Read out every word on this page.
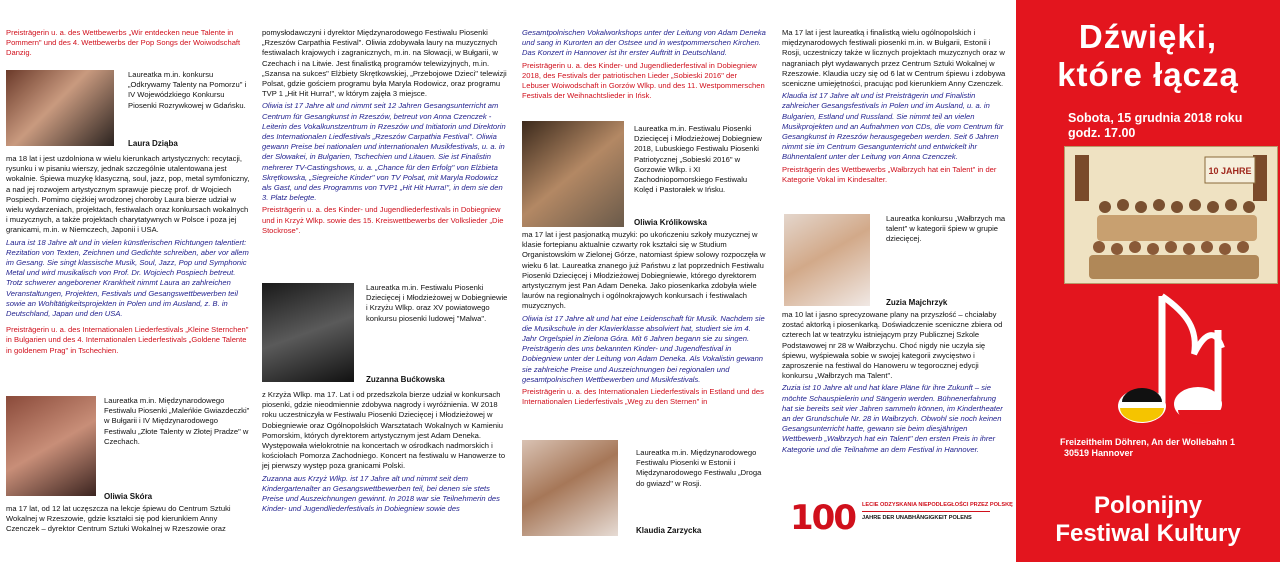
Preisträgerin u. a. des Wettbewerbs „Wir entdecken neue Talente in Pommern" und des 4. Wettbewerbs der Pop Songs der Woiwodschaft Danzig.

Laureatka m.in. konkursu „Odkrywamy Talenty na Pomorzu" i IV Wojewódzkiego Konkursu Piosenki Rozrywkowej w Gdańsku.
Laura Dziąba

ma 18 lat i jest uzdolniona w wielu kierunkach artystycznych: recytacji, rysunku i w pisaniu wierszy, jednak szczególnie utalentowana jest wokalnie. Śpiewa muzykę klasyczną, soul, jazz, pop, metal symfoniczny, a nad jej rozwojem artystycznym sprawuje pieczę prof. dr Wojciech Pospiech. Pomimo ciężkiej wrodzonej choroby Laura bierze udział w wielu wydarzeniach, projektach, festiwalach oraz konkursach wokalnych i muzycznych, a także projektach charytatywnych w Polsce i poza jej granicami, m.in. w Niemczech, Japonii i USA.

Laura ist 18 Jahre alt und in vielen künstlerischen Richtungen talentiert: Rezitation von Texten, Zeichnen und Gedichte schreiben, aber vor allem im Gesang. Sie singt klassische Musik, Soul, Jazz, Pop und Symphonic Metal und wird musikalisch von Prof. Dr. Wojciech Pospiech betreut. Trotz schwerer angeborener Krankheit nimmt Laura an zahlreichen Veranstaltungen, Projekten, Festivals und Gesangswettbewerben teil sowie an Wohltätigkeitsprojekten in Polen und im Ausland, z. B. in Deutschland, Japan und den USA.

Preisträgerin u. a. des Internationalen Liederfestivals „Kleine Sternchen" in Bulgarien und des 4. Internationalen Liederfestivals „Goldene Talente in goldenem Prag" in Tschechien.

Laureatka m.in. Międzynarodowego Festiwalu Piosenki „Maleńkie Gwiazdeczki" w Bułgarii i IV Międzynarodowego Festiwalu „Złote Talenty w Złotej Pradze" w Czechach.
Oliwia Skóra
ma 17 lat, od 12 lat uczęszcza na lekcje śpiewu do Centrum Sztuki Wokalnej w Rzeszowie, gdzie kształci się pod kierunkiem Anny Czenczek – dyrektor Centrum Sztuki Wokalnej w Rzeszowie oraz

pomysłodawczyni i dyrektor Międzynarodowego Festiwalu Piosenki „Rzeszów Carpathia Festival". Oliwia zdobywała laury na muzycznych festiwalach krajowych i zagranicznych, m.in. na Słowacji, w Bułgarii, w Czechach i na Litwie. Jest finalistką programów telewizyjnych, m.in. „Szansa na sukces" Elżbiety Skrętkowskiej, „Przebojowe Dzieci" telewizji Polsat, gdzie gościem programu była Maryla Rodowicz, oraz programu TVP 1 „Hit Hit Hurra!", w którym zajęła 3 miejsce.

Oliwia ist 17 Jahre alt und nimmt seit 12 Jahren Gesangsunterricht am Centrum für Gesangkunst in Rzeszów, betreut von Anna Czenczek - Leiterin des Vokalkunstzentrum in Rzeszów und Initiatorin und Direktorin des Internationalen Liedfestivals „Rzeszów Carpathia Festival". Oliwia gewann Preise bei nationalen und internationalen Musikfestivals, u. a. in der Slowakei, in Bulgarien, Tschechien und Litauen. Sie ist Finalistin mehrerer TV-Castingshows, u. a. „Chance für den Erfolg" von Elżbieta Skrętkowska, „Siegreiche Kinder" von TV Polsat, mit Maryla Rodowicz als Gast, und des Programms von TVP1 „Hit Hit Hurra!", in dem sie den 3. Platz belegte.

Preisträgerin u. a. des Kinder- und Jugendliederfestivals in Dobiegniew und in Krzyż Wlkp. sowie des 15. Kreiswettbewerbs der Volkslieder „Die Stockrose".

Laureatka m.in. Festiwalu Piosenki Dziecięcej i Młodzieżowej w Dobiegniewie i Krzyżu Wlkp. oraz XV powiatowego konkursu piosenki ludowej "Malwa".
Zuzanna Bućkowska

z Krzyża Wlkp. ma 17. Lat i od przedszkola bierze udział w konkursach piosenki, gdzie nieodmiennie zdobywa nagrody i wyróżnienia. W 2018 roku uczestniczyła w Festiwalu Piosenki Dziecięcej i Młodzieżowej w Dobiegniewie oraz Ogólnopolskich Warsztatach Wokalnych w Kamieniu Pomorskim, których dyrektorem artystycznym jest Adam Deneka. Występowała wielokrotnie na koncertach w ośrodkach nadmorskich i kościołach Pomorza Zachodniego. Koncert na festiwalu w Hanowerze to jej pierwszy występ poza granicami Polski.

Zuzanna aus Krzyż Wlkp. ist 17 Jahre alt und nimmt seit dem Kindergartenalter an Gesangswettbewerben teil, bei denen sie stets Preise und Auszeichnungen gewinnt. In 2018 war sie Teilnehmerin des Kinder- und Jugendliederfestivals in Dobiegniew sowie des

Gesamtpolnischen Vokalworkshops unter der Leitung von Adam Deneka und sang in Kurorten an der Ostsee und in westpommerschen Kirchen. Das Konzert in Hannover ist ihr erster Auftritt in Deutschland.

Preisträgerin u. a. des Kinder- und Jugendliederfestival in Dobiegniew 2018, des Festivals der patriotischen Lieder „Sobieski 2016" der Lebuser Woiwodschaft in Gorzów Wlkp. und des 11. Westpommerschen Festivals der Weihnachtslieder in Ińsk.

Laureatka m.in. Festiwalu Piosenki Dziecięcej i Młodzieżowej Dobiegniew 2018, Lubuskiego Festiwalu Piosenki Patriotycznej „Sobieski 2016" w Gorzowie Wlkp. i XI Zachodniopomorskiego Festiwalu Kolęd i Pastorałek w Ińsku.
Oliwia Królikowska

ma 17 lat i jest pasjonatką muzyki: po ukończeniu szkoły muzycznej w klasie fortepianu aktualnie czwarty rok kształci się w Studium Organistowskim w Zielonej Górze, natomiast śpiew solowy rozpoczęła w wieku 6 lat. Laureatka znanego już Państwu z lat poprzednich Festiwalu Piosenki Dziecięcej i Młodzieżowej Dobiegniewie, którego dyrektorem artystycznym jest Pan Adam Deneka. Jako piosenkarka zdobyła wiele laurów na regionalnych i ogólnokrajowych konkursach i festiwalach muzycznych.

Oliwia ist 17 Jahre alt und hat eine Leidenschaft für Musik. Nachdem sie die Musikschule in der Klavierklasse absolviert hat, studiert sie im 4. Jahr Orgelspiel in Zielona Góra. Mit 6 Jahren begann sie zu singen. Preisträgerin des uns bekannten Kinder- und Jugendfestival in Dobiegniew unter der Leitung von Adam Deneka. Als Vokalistin gewann sie zahlreiche Preise und Auszeichnungen bei regionalen und gesamtpolnischen Wettbewerben und Musikfestivals.

Preisträgerin u. a. des Internationalen Liederfestivals in Estland und des Internationalen Liederfestivals „Weg zu den Sternen" in

Laureatka m.in. Międzynarodowego Festiwalu Piosenki w Estonii i Międzynarodowego Festiwalu „Droga do gwiazd" w Rosji.
Klaudia Zarzycka

Ma 17 lat i jest laureatką i finalistką wielu ogólnopolskich i międzynarodowych festiwali piosenki m.in. w Bułgarii, Estonii i Rosji, uczestniczy także w licznych projektach muzycznych oraz w nagraniach płyt wydawanych przez Centrum Sztuki Wokalnej w Rzeszowie. Klaudia uczy się od 6 lat w Centrum śpiewu i zdobywa sceniczne umiejętności, pracując pod kierunkiem Anny Czenczek.

Klaudia ist 17 Jahre alt und ist Preisträgerin und Finalistin zahlreicher Gesangsfestivals in Polen und im Ausland, u. a. in Bulgarien, Estland und Russland. Sie nimmt teil an vielen Musikprojekten und an Aufnahmen von CDs, die vom Centrum für Gesangkunst in Rzeszów herausgegeben werden. Seit 6 Jahren nimmt sie im Centrum Gesangunterricht und entwickelt ihr Bühnentalent unter der Leitung von Anna Czenczek.

Preisträgerin des Wettbewerbs „Wałbrzych hat ein Talent" in der Kategorie Vokal im Kindesalter.

Laureatka konkursu „Wałbrzych ma talent" w kategorii śpiew w grupie dziecięcej.
Zuzia Majchrzyk

ma 10 lat i jasno sprecyzowane plany na przyszłość – chciałaby zostać aktorką i piosenkarką. Doświadczenie sceniczne zbiera od czterech lat w teatrzyku istniejącym przy Publicznej Szkole Podstawowej nr 28 w Wałbrzychu. Choć nigdy nie uczyła się śpiewu, wyśpiewała sobie w swojej kategorii zwycięstwo i zaproszenie na festiwal do Hanoweru w tegorocznej edycji konkursu „Wałbrzych ma Talent".

Zuzia ist 10 Jahre alt und hat klare Pläne für ihre Zukunft – sie möchte Schauspielerin und Sängerin werden. Bühnenerfahrung hat sie bereits seit vier Jahren sammeln können, im Kindertheater an der Grundschule Nr. 28 in Wałbrzych. Obwohl sie noch keinen Gesangsunterricht hatte, gewann sie beim diesjährigen Wettbewerb „Wałbrzych hat ein Talent" den ersten Preis in ihrer Kategorie und die Teilnahme an dem Festival in Hannover.

100 LECIE ODZYSKANIA NIEPODLEGŁOŚCI PRZEZ POLSKĘ
JAHRE DER UNABHÄNGIGKEIT POLENS
Dźwięki,
które łączą
Sobota, 15 grudnia 2018 roku
godz. 17.00
10 JAHRE
Freizeitheim Döhren, An der Wollebahn 1
30519 Hannover
Polonijny
Festiwal Kultury
